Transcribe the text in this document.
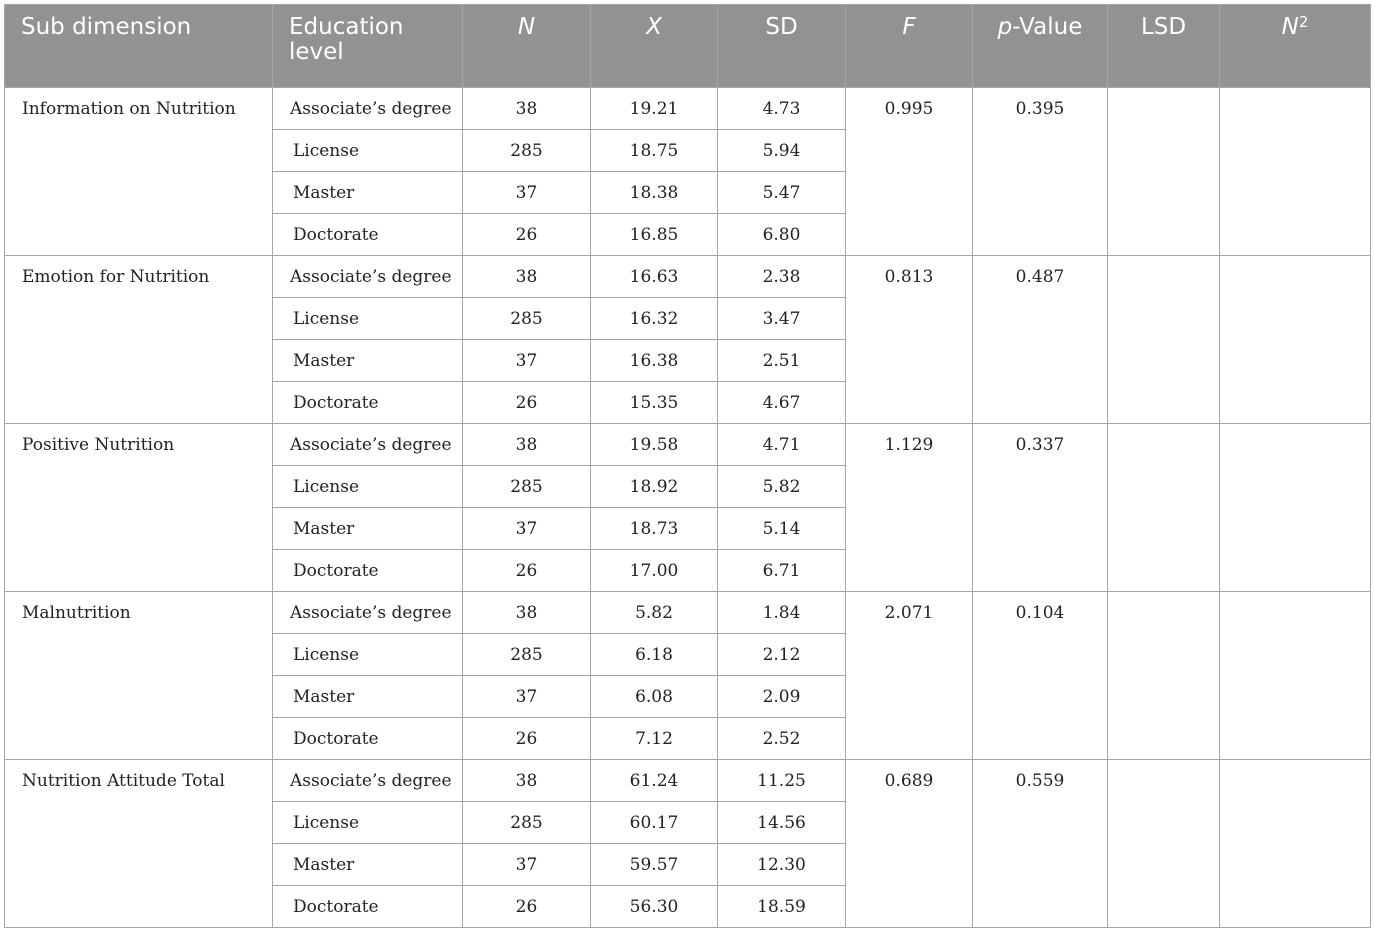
Sub dimension	Education level	N	X	SD	F	p-Value	LSD	$N^2$
Information on Nutrition	Associate’s degree	38	19.21	4.73	0.995	0.395		
	License	285	18.75	5.94				
	Master	37	18.38	5.47				
	Doctorate	26	16.85	6.80				
Emotion for Nutrition	Associate’s degree	38	16.63	2.38	0.813	0.487		
	License	285	16.32	3.47				
	Master	37	16.38	2.51				
	Doctorate	26	15.35	4.67				
Positive Nutrition	Associate’s degree	38	19.58	4.71	1.129	0.337		
	License	285	18.92	5.82				
	Master	37	18.73	5.14				
	Doctorate	26	17.00	6.71				
Malnutrition	Associate’s degree	38	5.82	1.84	2.071	0.104		
	License	285	6.18	2.12				
	Master	37	6.08	2.09				
	Doctorate	26	7.12	2.52				
Nutrition Attitude Total	Associate’s degree	38	61.24	11.25	0.689	0.559		
	License	285	60.17	14.56				
	Master	37	59.57	12.30				
	Doctorate	26	56.30	18.59				
